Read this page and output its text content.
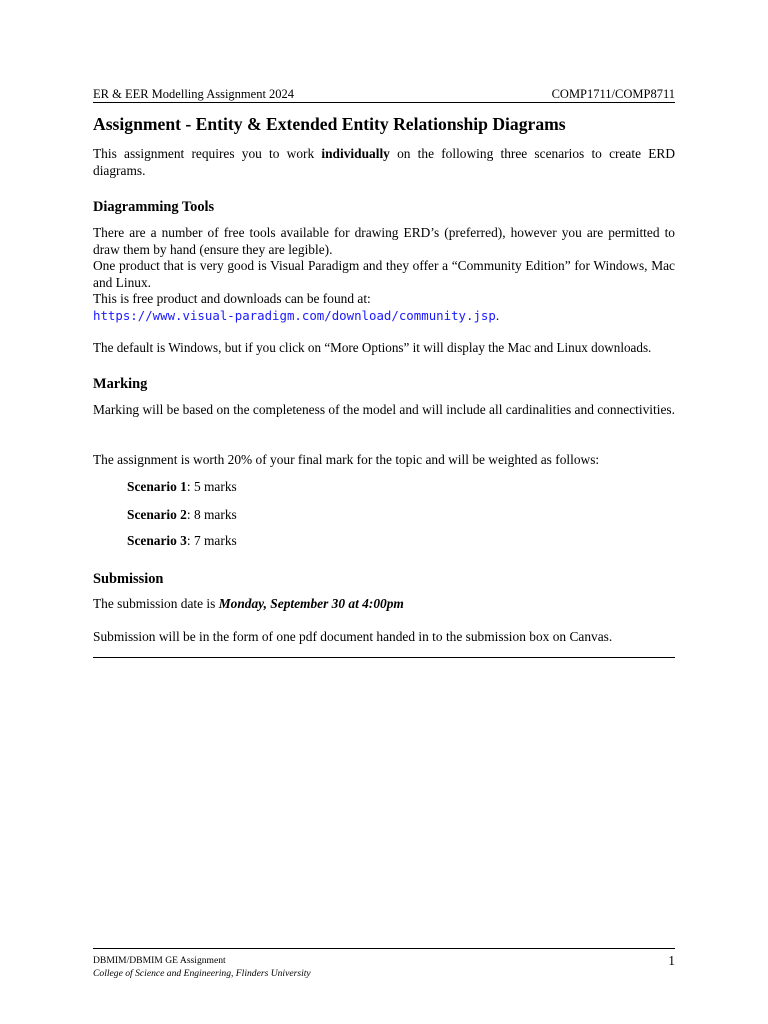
ER & EER Modelling Assignment 2024	COMP1711/COMP8711
Assignment - Entity & Extended Entity Relationship Diagrams

This assignment requires you to work individually on the following three scenarios to create ERD diagrams.

Diagramming Tools

There are a number of free tools available for drawing ERD’s (preferred), however you are permitted to draw them by hand (ensure they are legible).

One product that is very good is Visual Paradigm and they offer a “Community Edition” for Windows, Mac and Linux.

This is free product and downloads can be found at:

https://www.visual-paradigm.com/download/community.jsp.

The default is Windows, but if you click on “More Options” it will display the Mac and Linux downloads.
Marking
Marking will be based on the completeness of the model and will include all cardinalities and connectivities.
The assignment is worth 20% of your final mark for the topic and will be weighted as follows:
Scenario 1: 5 marks
Scenario 2: 8 marks
Scenario 3: 7 marks
Submission
The submission date is Monday, September 30 at 4:00pm
Submission will be in the form of one pdf document handed in to the submission box on Canvas.
DBMIM/DBMIM GE Assignment
College of Science and Engineering, Flinders University
1
